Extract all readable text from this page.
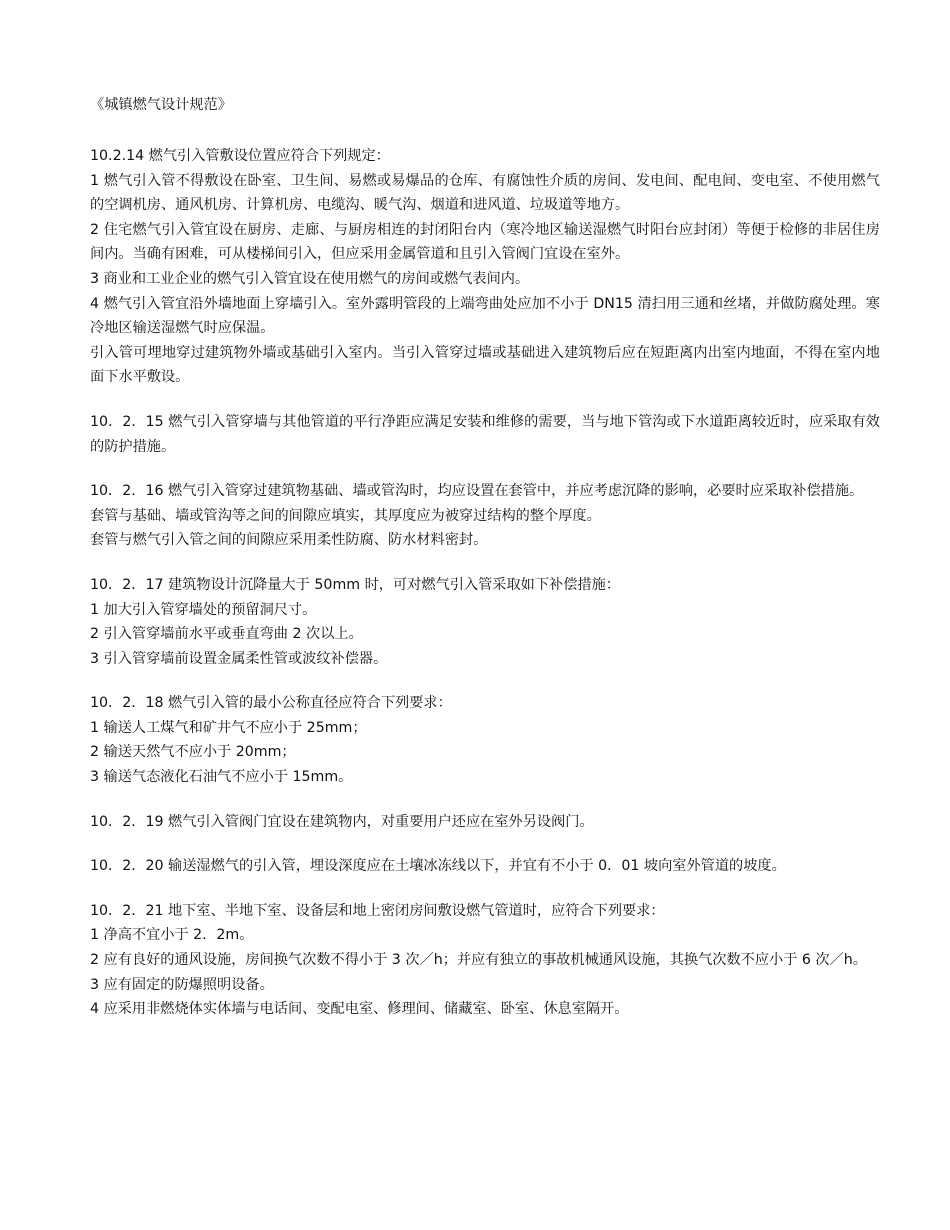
《城镇燃气设计规范》

10.2.14 燃气引入管敷设位置应符合下列规定：

1 燃气引入管不得敷设在卧室、卫生间、易燃或易爆品的仓库、有腐蚀性介质的房间、发电间、配电间、变电室、不使用燃气的空调机房、通风机房、计算机房、电缆沟、暖气沟、烟道和进风道、垃圾道等地方。

2 住宅燃气引入管宜设在厨房、走廊、与厨房相连的封闭阳台内（寒冷地区输送湿燃气时阳台应封闭）等便于检修的非居住房间内。当确有困难，可从楼梯间引入，但应采用金属管道和且引入管阀门宜设在室外。

3 商业和工业企业的燃气引入管宜设在使用燃气的房间或燃气表间内。

4 燃气引入管宜沿外墙地面上穿墙引入。室外露明管段的上端弯曲处应加不小于 DN15 清扫用三通和丝堵，并做防腐处理。寒冷地区输送湿燃气时应保温。

引入管可埋地穿过建筑物外墙或基础引入室内。当引入管穿过墙或基础进入建筑物后应在短距离内出室内地面，不得在室内地面下水平敷设。

10．2．15 燃气引入管穿墙与其他管道的平行净距应满足安装和维修的需要，当与地下管沟或下水道距离较近时，应采取有效的防护措施。

10．2．16 燃气引入管穿过建筑物基础、墙或管沟时，均应设置在套管中，并应考虑沉降的影响，必要时应采取补偿措施。

套管与基础、墙或管沟等之间的间隙应填实，其厚度应为被穿过结构的整个厚度。

套管与燃气引入管之间的间隙应采用柔性防腐、防水材料密封。

10．2．17 建筑物设计沉降量大于 50mm 时，可对燃气引入管采取如下补偿措施：

1 加大引入管穿墙处的预留洞尺寸。

2 引入管穿墙前水平或垂直弯曲 2 次以上。

3 引入管穿墙前设置金属柔性管或波纹补偿器。

10．2．18 燃气引入管的最小公称直径应符合下列要求：

1 输送人工煤气和矿井气不应小于 25mm；

2 输送天然气不应小于 20mm；

3 输送气态液化石油气不应小于 15mm。

10．2．19 燃气引入管阀门宜设在建筑物内，对重要用户还应在室外另设阀门。

10．2．20 输送湿燃气的引入管，埋设深度应在土壤冰冻线以下，并宜有不小于 0．01 坡向室外管道的坡度。

10．2．21 地下室、半地下室、设备层和地上密闭房间敷设燃气管道时，应符合下列要求：

1 净高不宜小于 2．2m。

2 应有良好的通风设施，房间换气次数不得小于 3 次／h；并应有独立的事故机械通风设施，其换气次数不应小于 6 次／h。

3 应有固定的防爆照明设备。

4 应采用非燃烧体实体墙与电话间、变配电室、修理间、储藏室、卧室、休息室隔开。
